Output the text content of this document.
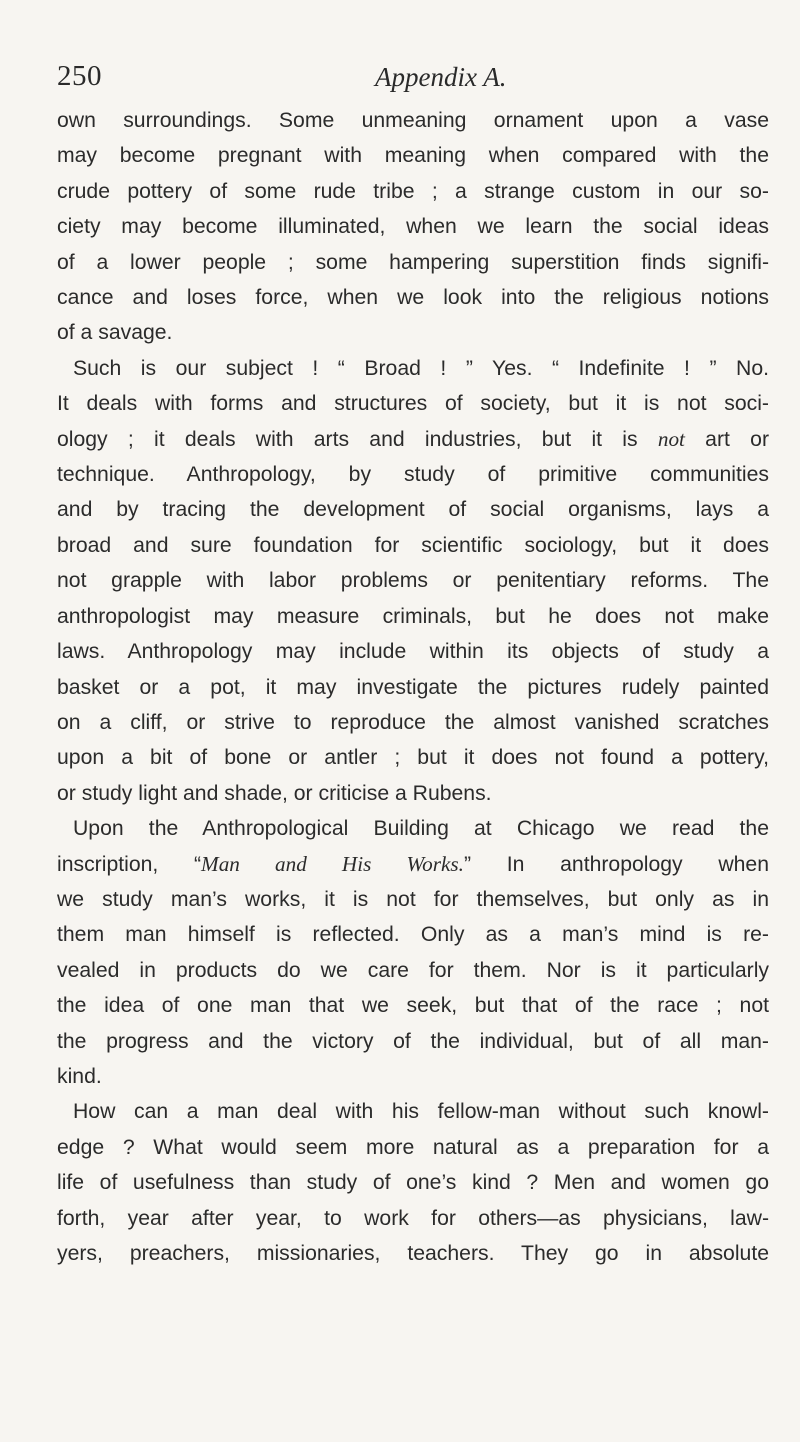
250	Appendix A.
own surroundings. Some unmeaning ornament upon a vase
may become pregnant with meaning when compared with the
crude pottery of some rude tribe ; a strange custom in our so-
ciety may become illuminated, when we learn the social ideas
of a lower people ; some hampering superstition finds signifi-
cance and loses force, when we look into the religious notions
of a savage.
Such is our subject ! “ Broad ! ” Yes. “ Indefinite ! ” No.
It deals with forms and structures of society, but it is not soci-
ology ; it deals with arts and industries, but it is not art or
technique. Anthropology, by study of primitive communities
and by tracing the development of social organisms, lays a
broad and sure foundation for scientific sociology, but it does
not grapple with labor problems or penitentiary reforms. The
anthropologist may measure criminals, but he does not make
laws. Anthropology may include within its objects of study a
basket or a pot, it may investigate the pictures rudely painted
on a cliff, or strive to reproduce the almost vanished scratches
upon a bit of bone or antler ; but it does not found a pottery,
or study light and shade, or criticise a Rubens.
Upon the Anthropological Building at Chicago we read the
inscription, “Man and His Works.” In anthropology when
we study man’s works, it is not for themselves, but only as in
them man himself is reflected. Only as a man’s mind is re-
vealed in products do we care for them. Nor is it particularly
the idea of one man that we seek, but that of the race ; not
the progress and the victory of the individual, but of all man-
kind.
How can a man deal with his fellow-man without such knowl-
edge ? What would seem more natural as a preparation for a
life of usefulness than study of one’s kind ? Men and women go
forth, year after year, to work for others—as physicians, law-
yers, preachers, missionaries, teachers. They go in absolute
